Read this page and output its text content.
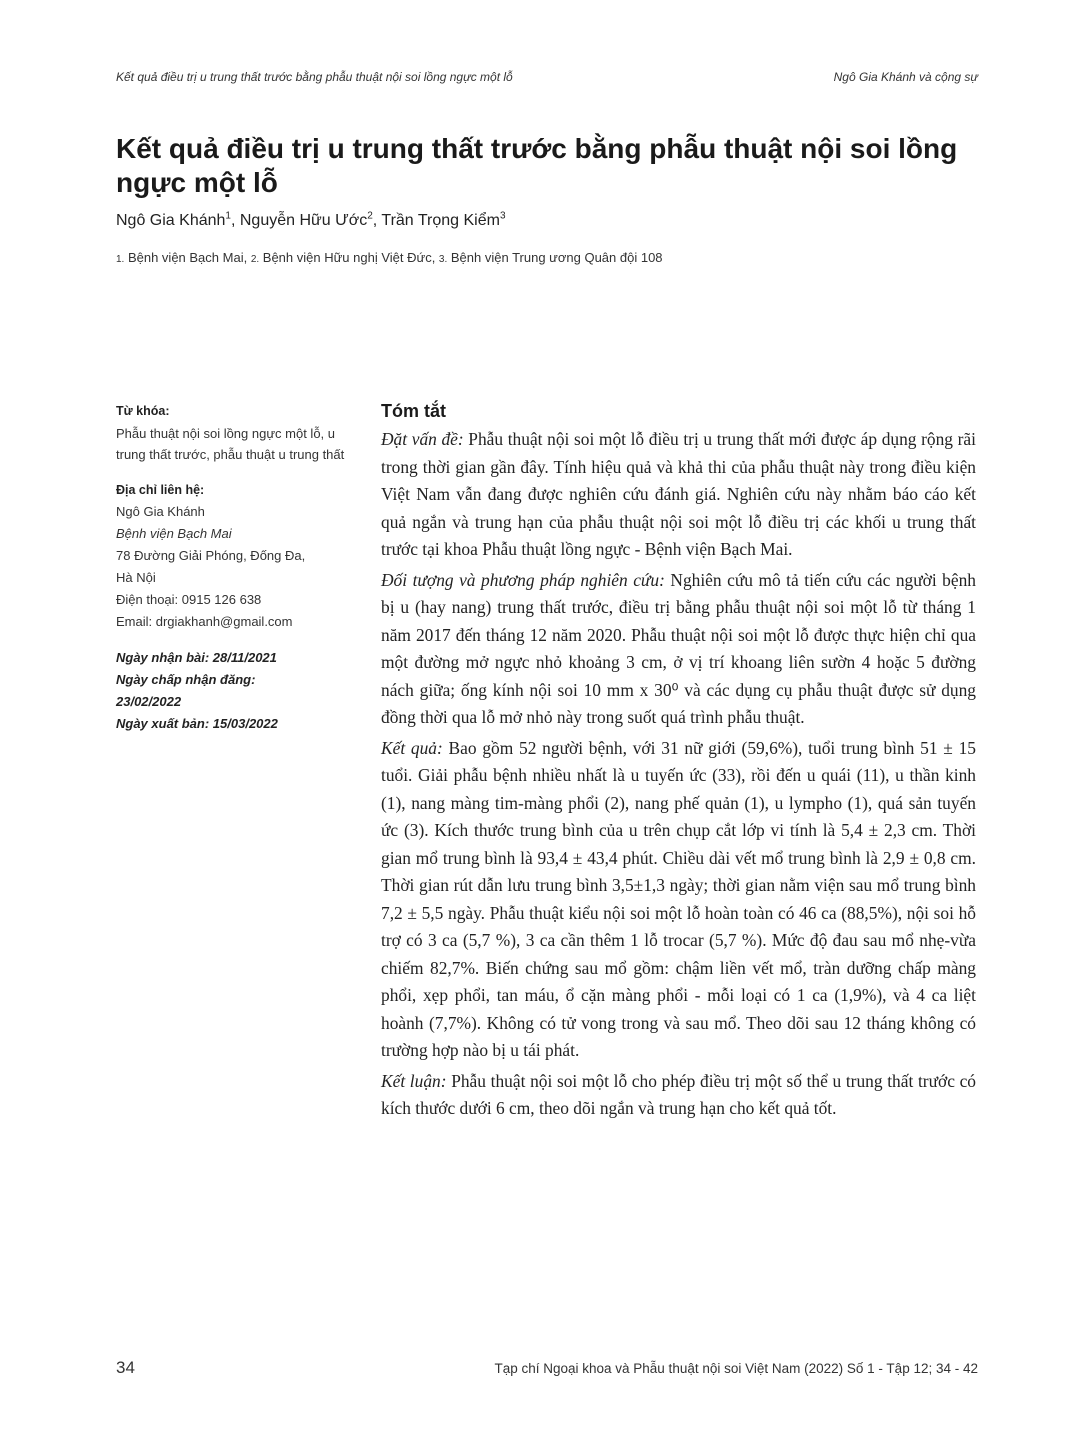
Kết quả điều trị u trung thất trước bằng phẫu thuật nội soi lồng ngực một lỗ	Ngô Gia Khánh và cộng sự
Kết quả điều trị u trung thất trước bằng phẫu thuật nội soi lồng ngực một lỗ
Ngô Gia Khánh$^1$, Nguyễn Hữu Ước$^2$, Trần Trọng Kiểm$^3$
1. Bệnh viện Bạch Mai, 2. Bệnh viện Hữu nghị Việt Đức, 3. Bệnh viện Trung ương Quân đội 108
Từ khóa:
Phẫu thuật nội soi lồng ngực một lỗ, u trung thất trước, phẫu thuật u trung thất
Địa chỉ liên hệ:
Ngô Gia Khánh
Bệnh viện Bạch Mai
78 Đường Giải Phóng, Đống Đa,
Hà Nội
Điện thoại: 0915 126 638
Email: drgiakhanh@gmail.com
Ngày nhận bài: 28/11/2021
Ngày chấp nhận đăng:
23/02/2022
Ngày xuất bản: 15/03/2022
Tóm tắt

Đặt vấn đề: Phẫu thuật nội soi một lỗ điều trị u trung thất mới được áp dụng rộng rãi trong thời gian gần đây. Tính hiệu quả và khả thi của phẫu thuật này trong điều kiện Việt Nam vẫn đang được nghiên cứu đánh giá. Nghiên cứu này nhằm báo cáo kết quả ngắn và trung hạn của phẫu thuật nội soi một lỗ điều trị các khối u trung thất trước tại khoa Phẫu thuật lồng ngực - Bệnh viện Bạch Mai.

Đối tượng và phương pháp nghiên cứu: Nghiên cứu mô tả tiến cứu các người bệnh bị u (hay nang) trung thất trước, điều trị bằng phẫu thuật nội soi một lỗ từ tháng 1 năm 2017 đến tháng 12 năm 2020. Phẫu thuật nội soi một lỗ được thực hiện chỉ qua một đường mở ngực nhỏ khoảng 3 cm, ở vị trí khoang liên sườn 4 hoặc 5 đường nách giữa; ống kính nội soi 10 mm x 30⁰ và các dụng cụ phẫu thuật được sử dụng đồng thời qua lỗ mở nhỏ này trong suốt quá trình phẫu thuật.

Kết quả: Bao gồm 52 người bệnh, với 31 nữ giới (59,6%), tuổi trung bình 51 ± 15 tuổi. Giải phẫu bệnh nhiều nhất là u tuyến ức (33), rồi đến u quái (11), u thần kinh (1), nang màng tim-màng phổi (2), nang phế quản (1), u lympho (1), quá sản tuyến ức (3). Kích thước trung bình của u trên chụp cắt lớp vi tính là 5,4 ± 2,3 cm. Thời gian mổ trung bình là 93,4 ± 43,4 phút. Chiều dài vết mổ trung bình là 2,9 ± 0,8 cm. Thời gian rút dẫn lưu trung bình 3,5±1,3 ngày; thời gian nằm viện sau mổ trung bình 7,2 ± 5,5 ngày. Phẫu thuật kiểu nội soi một lỗ hoàn toàn có 46 ca (88,5%), nội soi hỗ trợ có 3 ca (5,7 %), 3 ca cần thêm 1 lỗ trocar (5,7 %). Mức độ đau sau mổ nhẹ-vừa chiếm 82,7%. Biến chứng sau mổ gồm: chậm liền vết mổ, tràn dưỡng chấp màng phổi, xẹp phổi, tan máu, ổ cặn màng phổi - mỗi loại có 1 ca (1,9%), và 4 ca liệt hoành (7,7%). Không có tử vong trong và sau mổ. Theo dõi sau 12 tháng không có trường hợp nào bị u tái phát.

Kết luận: Phẫu thuật nội soi một lỗ cho phép điều trị một số thể u trung thất trước có kích thước dưới 6 cm, theo dõi ngắn và trung hạn cho kết quả tốt.

34	Tạp chí Ngoại khoa và Phẫu thuật nội soi Việt Nam (2022) Số 1 - Tập 12; 34 - 42
